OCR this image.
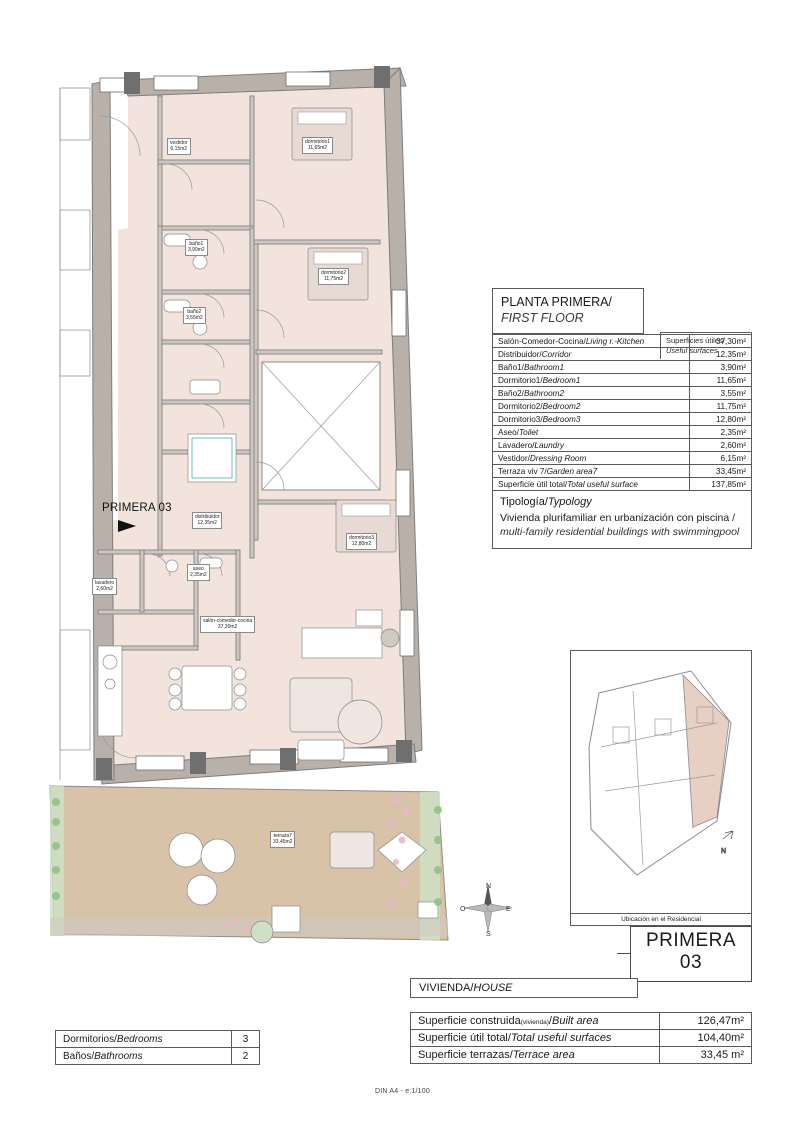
PRIMERA 03
vestidor
6,15m2
dormitorio1
11,65m2
baño1
3,90m2
dormitorio2
11,75m2
baño2
3,55m2
distribuidor
12,35m2
dormitorio3
12,80m2
aseo
2,35m2
lavadero
2,60m2
salón-comedor-cocina
37,30m2
terraza7
33,45m2
N
S
E
O
PLANTA PRIMERA/
FIRST FLOOR
Superficies útiles/
Useful surfaces
Salón-Comedor-Cocina/Living r.-Kitchen	37,30m²
Distribuidor/Corridor	12,35m²
Baño1/Bathroom1	3,90m²
Dormitorio1/Bedroom1	11,65m²
Baño2/Bathroom2	3,55m²
Dormitorio2/Bedroom2	11,75m²
Dormitorio3/Bedroom3	12,80m²
Aseo/Toilet	2,35m²
Lavadero/Laundry	2,60m²
Vestidor/Dressing Room	6,15m²
Terraza viv 7/Garden area7	33,45m²
Superficie útil total/Total useful surface	137,85m²
Tipología/Typology
Vivienda plurifamiliar en urbanización con piscina / multi-family residential buildings with swimmingpool
N
Ubicación en el Residencial
PRIMERA
03
VIVIENDA/HOUSE
Superficie construida(vivienda)/Built area	126,47m²
Superficie útil total/Total useful surfaces	104,40m²
Superficie terrazas/Terrace area	33,45 m²
Dormitorios/Bedrooms	3
Baños/Bathrooms	2
DIN A4 - e:1/100
